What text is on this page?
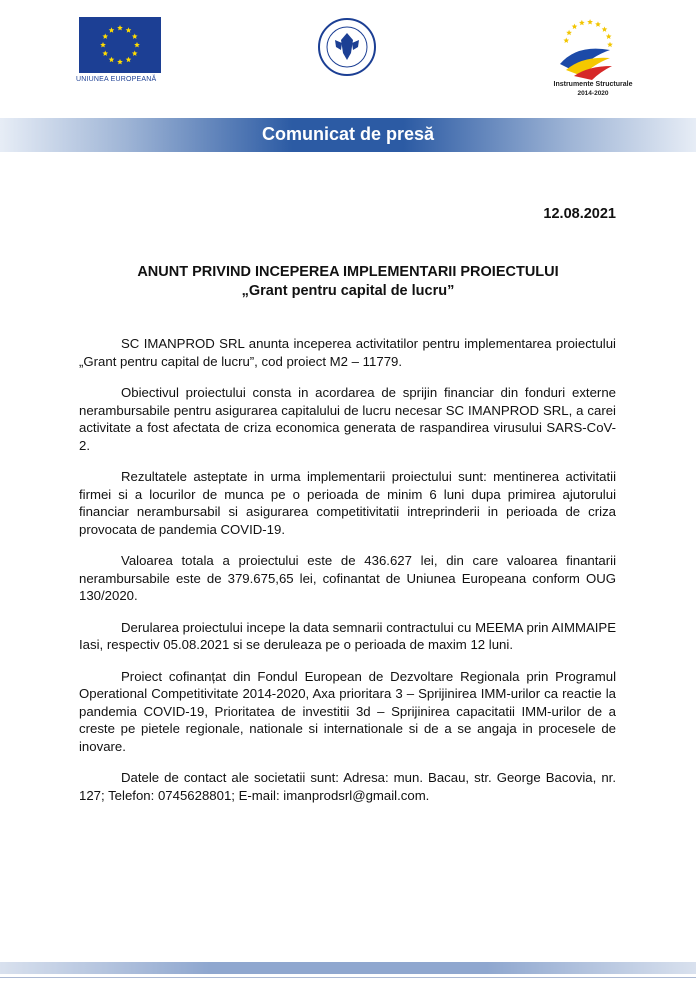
UNIUNEA EUROPEANĂ
Instrumente Structurale
2014-2020
Comunicat de presă
12.08.2021
ANUNT PRIVIND INCEPEREA IMPLEMENTARII PROIECTULUI
„Grant pentru capital de lucru”

SC IMANPROD SRL anunta inceperea activitatilor pentru implementarea proiectului „Grant pentru capital de lucru”, cod proiect M2 – 11779.

Obiectivul proiectului consta in acordarea de sprijin financiar din fonduri externe nerambursabile pentru asigurarea capitalului de lucru necesar SC IMANPROD SRL, a carei activitate a fost afectata de criza economica generata de raspandirea virusului SARS-CoV-2.

Rezultatele asteptate in urma implementarii proiectului sunt: mentinerea activitatii firmei si a locurilor de munca pe o perioada de minim 6 luni dupa primirea ajutorului financiar nerambursabil si asigurarea competitivitatii intreprinderii in perioada de criza provocata de pandemia COVID-19.

Valoarea totala a proiectului este de 436.627 lei, din care valoarea finantarii nerambursabile este de 379.675,65 lei, cofinantat de Uniunea Europeana conform OUG 130/2020.

Derularea proiectului incepe la data semnarii contractului cu MEEMA prin AIMMAIPE Iasi, respectiv 05.08.2021 si se deruleaza pe o perioada de maxim 12 luni.

Proiect cofinanțat din Fondul European de Dezvoltare Regionala prin Programul Operational Competitivitate 2014-2020, Axa prioritara 3 – Sprijinirea IMM-urilor ca reactie la pandemia COVID-19, Prioritatea de investitii 3d – Sprijinirea capacitatii IMM-urilor de a creste pe pietele regionale, nationale si internationale si de a se angaja in procesele de inovare.

Datele de contact ale societatii sunt: Adresa: mun. Bacau, str. George Bacovia, nr. 127; Telefon: 0745628801; E-mail: imanprodsrl@gmail.com.
